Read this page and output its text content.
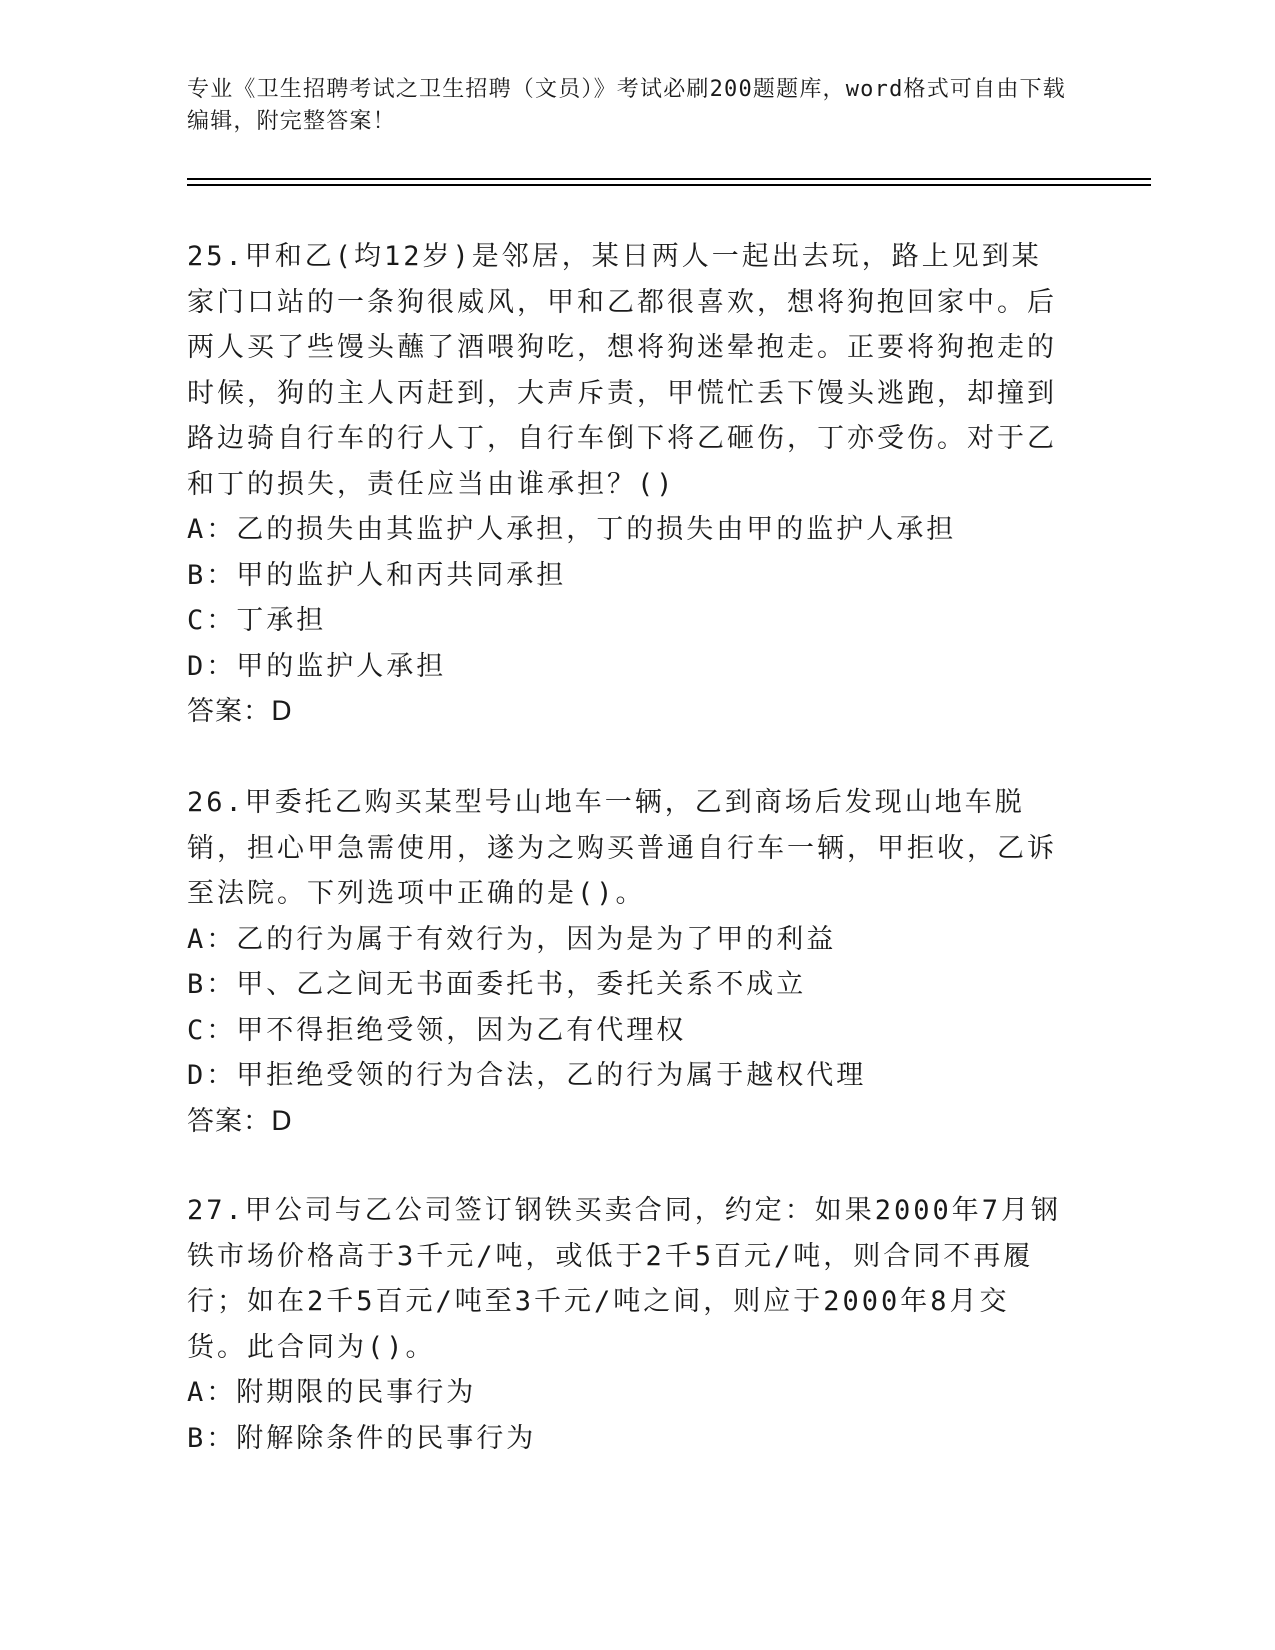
专业《卫生招聘考试之卫生招聘（文员）》考试必刷200题题库，word格式可自由下载编辑，附完整答案！
25.甲和乙(均12岁)是邻居，某日两人一起出去玩，路上见到某家门口站的一条狗很威风，甲和乙都很喜欢，想将狗抱回家中。后两人买了些馒头蘸了酒喂狗吃，想将狗迷晕抱走。正要将狗抱走的时候，狗的主人丙赶到，大声斥责，甲慌忙丢下馒头逃跑，却撞到路边骑自行车的行人丁，自行车倒下将乙砸伤，丁亦受伤。对于乙和丁的损失，责任应当由谁承担？()
A：乙的损失由其监护人承担，丁的损失由甲的监护人承担
B：甲的监护人和丙共同承担
C：丁承担
D：甲的监护人承担
答案：D
26.甲委托乙购买某型号山地车一辆，乙到商场后发现山地车脱销，担心甲急需使用，遂为之购买普通自行车一辆，甲拒收，乙诉至法院。下列选项中正确的是()。
A：乙的行为属于有效行为，因为是为了甲的利益
B：甲、乙之间无书面委托书，委托关系不成立
C：甲不得拒绝受领，因为乙有代理权
D：甲拒绝受领的行为合法，乙的行为属于越权代理
答案：D
27.甲公司与乙公司签订钢铁买卖合同，约定：如果2000年7月钢铁市场价格高于3千元/吨，或低于2千5百元/吨，则合同不再履行；如在2千5百元/吨至3千元/吨之间，则应于2000年8月交货。此合同为()。
A：附期限的民事行为
B：附解除条件的民事行为
